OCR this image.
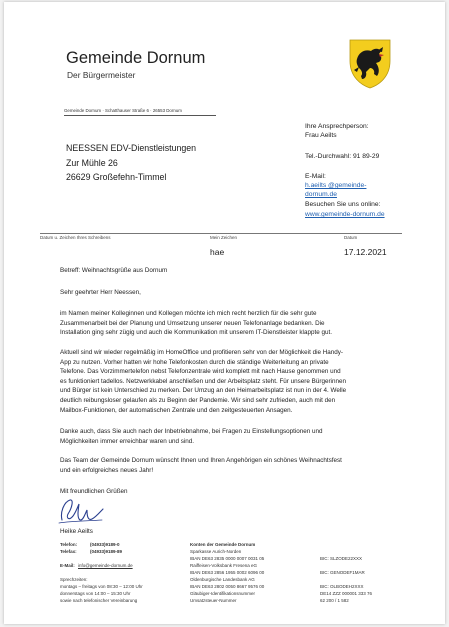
Gemeinde Dornum
Der Bürgermeister
Gemeinde Dornum · Schatthauser Straße 6 · 26553 Dornum
NEESSEN EDV-Dienstleistungen
Zur Mühle 26
26629 Großefehn-Timmel
Ihre Ansprechperson:
Frau Aeilts
Tel.-Durchwahl: 91 89-29
E-Mail:
h.aeilts @gemeinde-
dornum.de
Besuchen Sie uns online:
www.gemeinde-dornum.de
Datum u. Zeichen Ihres Schreibens	Mein Zeichen
hae
Datum
17.12.2021
Betreff: Weihnachtsgrüße aus Dornum
Sehr geehrter Herr Neessen,
im Namen meiner Kolleginnen und Kollegen möchte ich mich recht herzlich für die sehr gute
Zusammenarbeit bei der Planung und Umsetzung unserer neuen Telefonanlage bedanken. Die
Installation ging sehr zügig und auch die Kommunikation mit unserem IT-Dienstleister klappte gut.
Aktuell sind wir wieder regelmäßig im HomeOffice und profitieren sehr von der Möglichkeit die Handy-
App zu nutzen. Vorher hatten wir hohe Telefonkosten durch die ständige Weiterleitung an private
Telefone. Das Vorzimmertelefon nebst Telefonzentrale wird komplett mit nach Hause genommen und
es funktioniert tadellos. Netzwerkkabel anschließen und der Arbeitsplatz steht. Für unsere Bürgerinnen
und Bürger ist kein Unterschied zu merken. Der Umzug an den Heimarbeitsplatz ist nun in der 4. Welle
deutlich reibungsloser gelaufen als zu Beginn der Pandemie. Wir sind sehr zufrieden, auch mit den
Mailbox-Funktionen, der automatischen Zentrale und den zeitgesteuerten Ansagen.
Danke auch, dass Sie auch nach der Inbetriebnahme, bei Fragen zu Einstellungsoptionen und
Möglichkeiten immer erreichbar waren und sind.
Das Team der Gemeinde Dornum wünscht Ihnen und Ihren Angehörigen ein schönes Weihnachtsfest
und ein erfolgreiches neues Jahr!
Mit freundlichen Grüßen
Heike Aeilts
Telefon:	(04933)9189-0
Telefax:	(04933)9189-89
E-Mail: info@gemeinde-dornum.de
Sprechzeiten:
montags – freitags von 08:30 – 12:00 Uhr
donnerstags von 14:00 – 15:30 Uhr
sowie nach telefonischer Vereinbarung
Konten der Gemeinde Dornum
Sparkasse Aurich-Norden
IBAN DE63 2835 0000 0007 0031 05	BIC: SLZODE22XXX
Raiffeisen-Volksbank Fresena eG
IBAN DE63 2856 1955 0002 6096 00	BIC: GENODEF1MAR
Oldenburgische Landesbank AG
IBAN DE63 2802 0050 8667 9576 00	BIC: OLBODEH2XXX
Gläubiger-Identifikationsnummer	DE14 ZZZ 000001 333 76
Umsatzsteuer-Nummer	62 200 / 1 582
